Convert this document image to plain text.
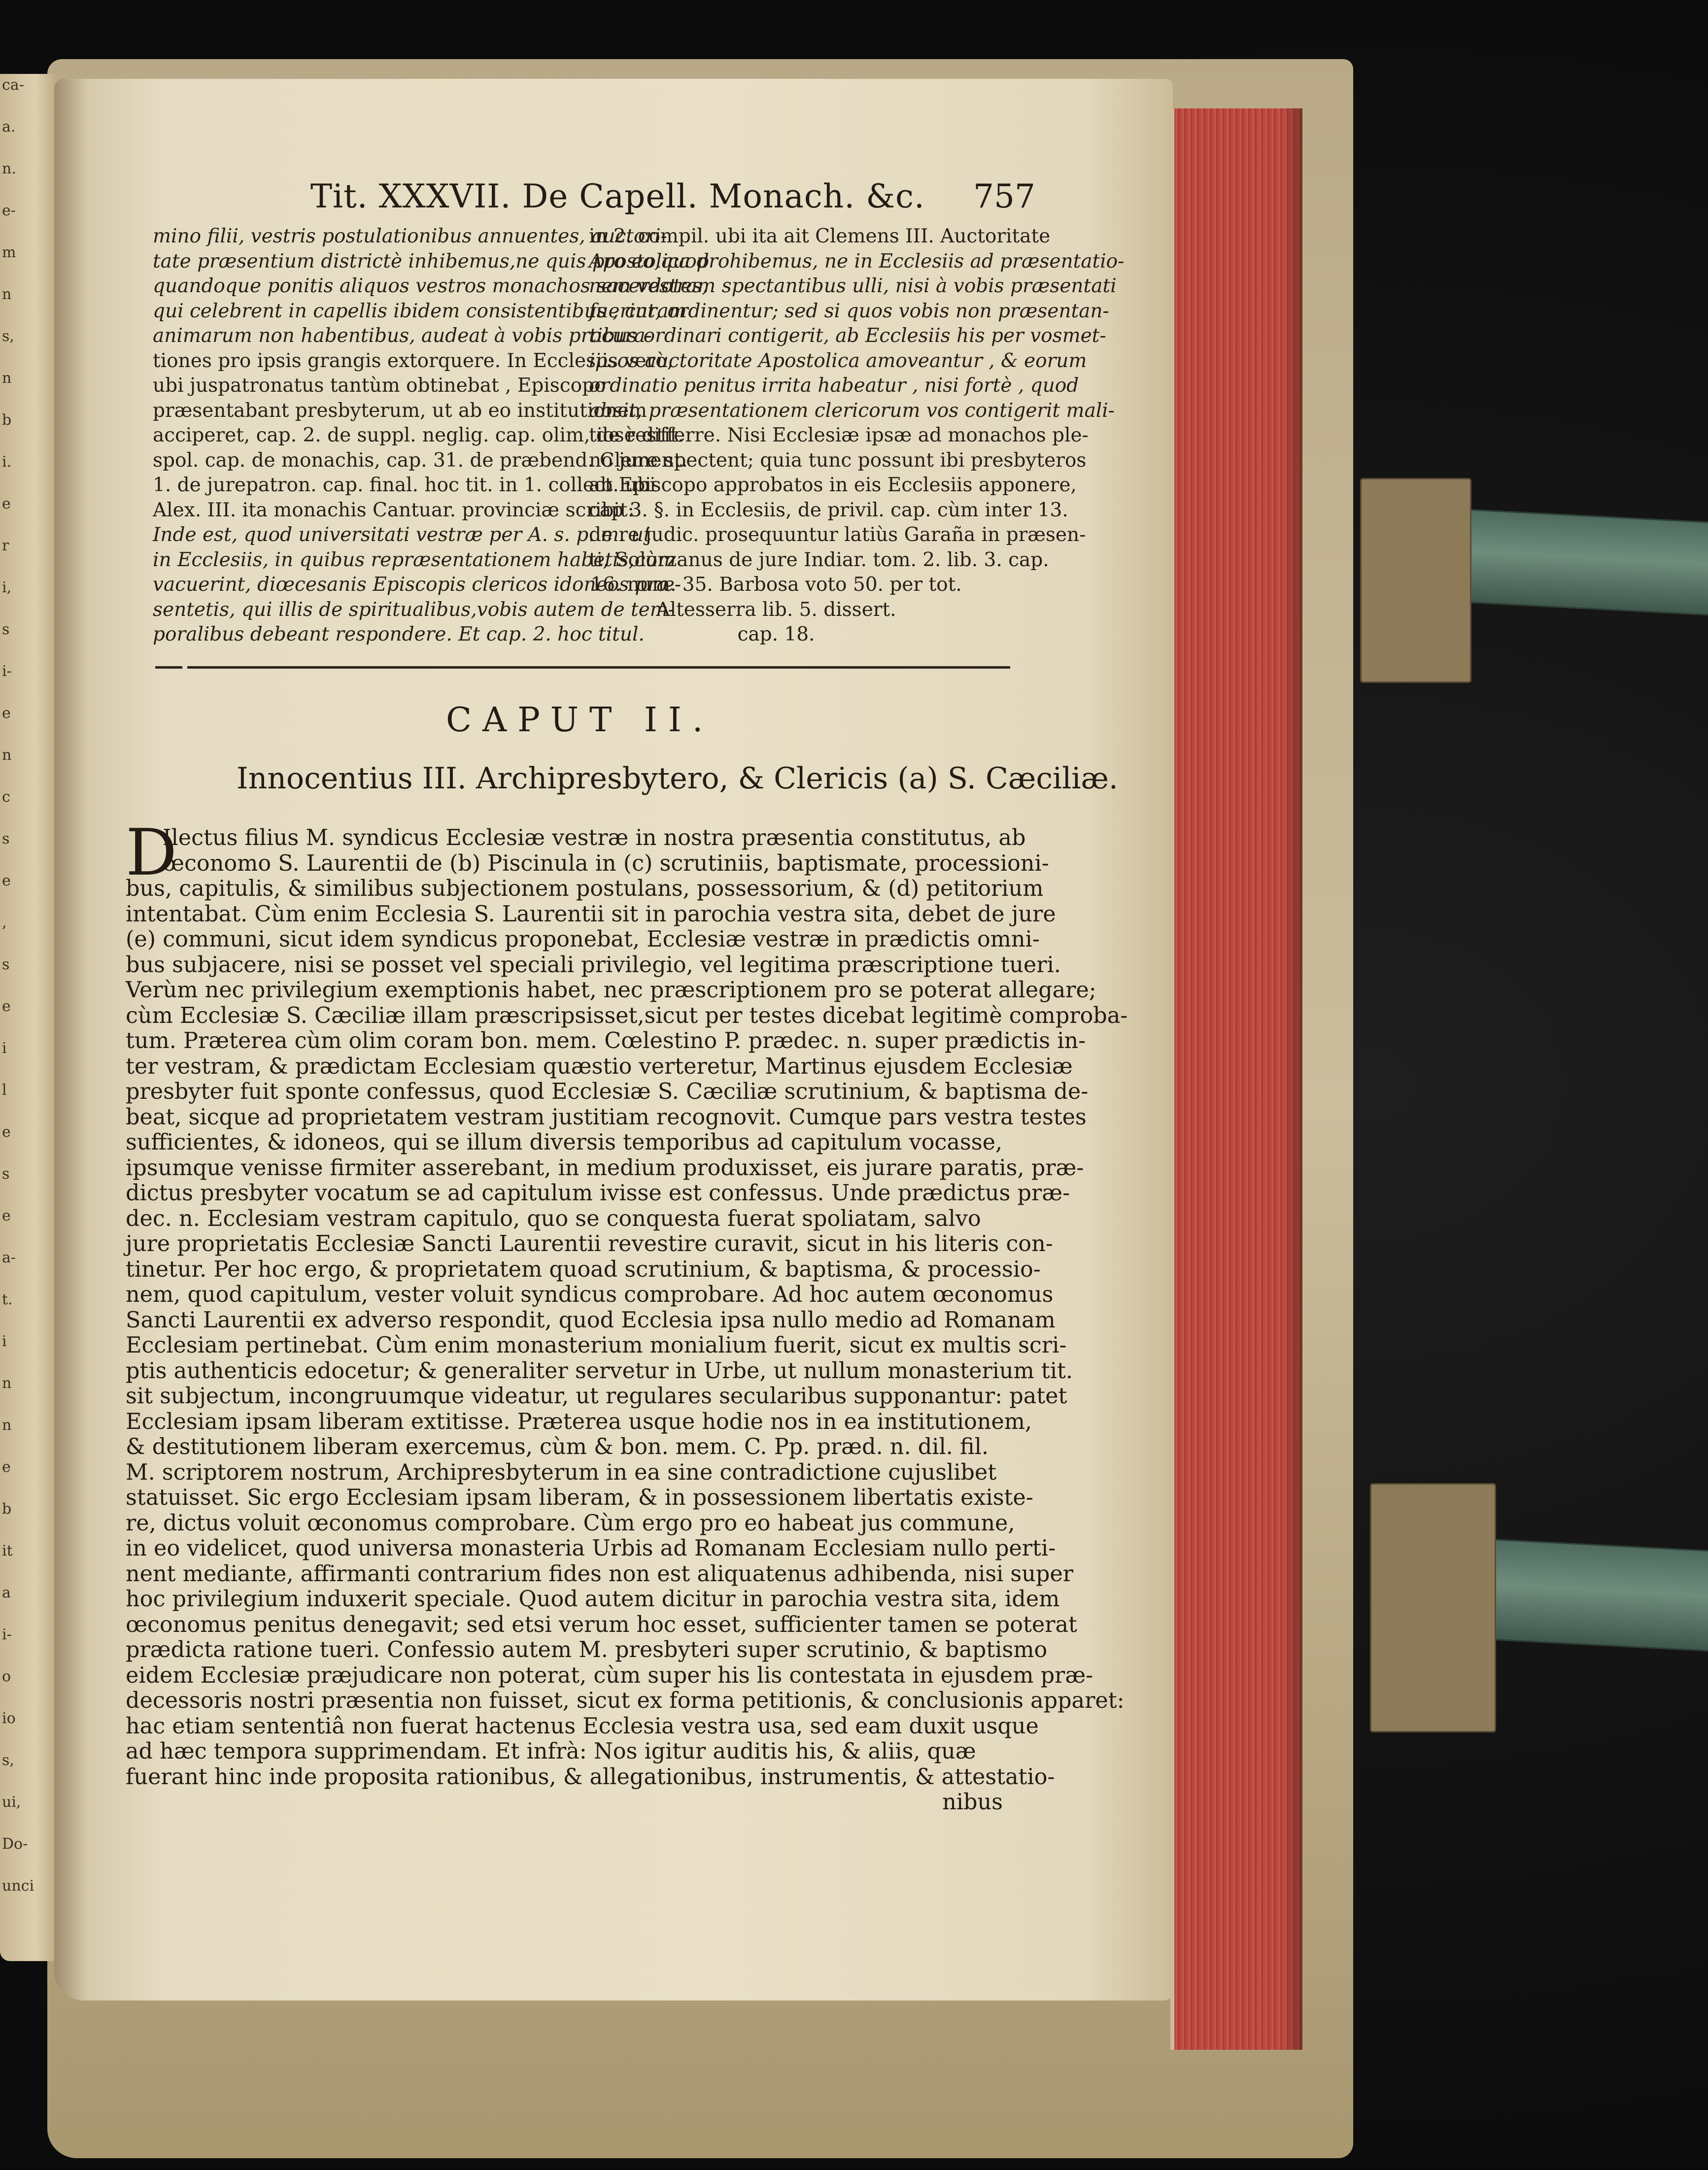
ca-
a.
n.
e-
m
n
s,
n
b
i.
e
r
i,
s
i-
e
n
c
s
e
,
s
e
i
l
e
s
e
a-
t.
i
n
n
e
b
it
a
i-
o
io
s,
ui,
Do-
unci
Tit. XXXVII. De Capell. Monach. &c. 757
mino filii, vestris postulationibus annuentes, auctori-
tate præsentium districtè inhibemus,ne quis pro eo,quod
quandoque ponitis aliquos vestros monachos sacerdotes,
qui celebrent in capellis ibidem consistentibus , curam
animarum non habentibus, audeat à vobis procura-
tiones pro ipsis grangis extorquere. In Ecclesiis verò,
ubi juspatronatus tantùm obtinebat , Episcopo
præsentabant presbyterum, ut ab eo institutionem
acciperet, cap. 2. de suppl. neglig. cap. olim, de restit.
spol. cap. de monachis, cap. 31. de præbend. Clement.
1. de jurepatron. cap. final. hoc tit. in 1. collect. ubi
Alex. III. ita monachis Cantuar. provinciæ scribit:
Inde est, quod universitati vestræ per A. s. p. m. ut
in Ecclesiis, in quibus repræsentationem habetis,cùm
vacuerint, diœcesanis Episcopis clericos idoneos præ-
sentetis, qui illis de spiritualibus,vobis autem de tem-
poralibus debeant respondere. Et cap. 2. hoc titul.
in 2. compil. ubi ita ait Clemens III. Auctoritate
Apostolica prohibemus, ne in Ecclesiis ad præsentatio-
nem vestram spectantibus ulli, nisi à vobis præsentati
fuerint, ordinentur; sed si quos vobis non præsentan-
tibus ordinari contigerit, ab Ecclesiis his per vosmet-
ipsos auctoritate Apostolica amoveantur , & eorum
ordinatio penitus irrita habeatur , nisi fortè , quod
absit, præsentationem clericorum vos contigerit mali-
tiosè differre. Nisi Ecclesiæ ipsæ ad monachos ple-
no jure spectent; quia tunc possunt ibi presbyteros
ab Episcopo approbatos in eis Ecclesiis apponere,
cap 3. §. in Ecclesiis, de privil. cap. cùm inter 13.
de re judic. prosequuntur latiùs Garaña in præsen-
ti, Solorzanus de jure Indiar. tom. 2. lib. 3. cap.
16. num. 35. Barbosa voto 50. per tot.
Altesserra lib. 5. dissert.
cap. 18.
CAPUT II.
Innocentius III. Archipresbytero, & Clericis (a) S. Cæciliæ.
D
Ilectus filius M. syndicus Ecclesiæ vestræ in nostra præsentia constitutus, ab
œconomo S. Laurentii de (b) Piscinula in (c) scrutiniis, baptismate, processioni-
bus, capitulis, & similibus subjectionem postulans, possessorium, & (d) petitorium
intentabat. Cùm enim Ecclesia S. Laurentii sit in parochia vestra sita, debet de jure
(e) communi, sicut idem syndicus proponebat, Ecclesiæ vestræ in prædictis omni-
bus subjacere, nisi se posset vel speciali privilegio, vel legitima præscriptione tueri.
Verùm nec privilegium exemptionis habet, nec præscriptionem pro se poterat allegare;
cùm Ecclesiæ S. Cæciliæ illam præscripsisset,sicut per testes dicebat legitimè comproba-
tum. Præterea cùm olim coram bon. mem. Cœlestino P. prædec. n. super prædictis in-
ter vestram, & prædictam Ecclesiam quæstio verteretur, Martinus ejusdem Ecclesiæ
presbyter fuit sponte confessus, quod Ecclesiæ S. Cæciliæ scrutinium, & baptisma de-
beat, sicque ad proprietatem vestram justitiam recognovit. Cumque pars vestra testes
sufficientes, & idoneos, qui se illum diversis temporibus ad capitulum vocasse,
ipsumque venisse firmiter asserebant, in medium produxisset, eis jurare paratis, præ-
dictus presbyter vocatum se ad capitulum ivisse est confessus. Unde prædictus præ-
dec. n. Ecclesiam vestram capitulo, quo se conquesta fuerat spoliatam, salvo
jure proprietatis Ecclesiæ Sancti Laurentii revestire curavit, sicut in his literis con-
tinetur. Per hoc ergo, & proprietatem quoad scrutinium, & baptisma, & processio-
nem, quod capitulum, vester voluit syndicus comprobare. Ad hoc autem œconomus
Sancti Laurentii ex adverso respondit, quod Ecclesia ipsa nullo medio ad Romanam
Ecclesiam pertinebat. Cùm enim monasterium monialium fuerit, sicut ex multis scri-
ptis authenticis edocetur; & generaliter servetur in Urbe, ut nullum monasterium tit.
sit subjectum, incongruumque videatur, ut regulares secularibus supponantur: patet
Ecclesiam ipsam liberam extitisse. Præterea usque hodie nos in ea institutionem,
& destitutionem liberam exercemus, cùm & bon. mem. C. Pp. præd. n. dil. fil.
M. scriptorem nostrum, Archipresbyterum in ea sine contradictione cujuslibet
statuisset. Sic ergo Ecclesiam ipsam liberam, & in possessionem libertatis existe-
re, dictus voluit œconomus comprobare. Cùm ergo pro eo habeat jus commune,
in eo videlicet, quod universa monasteria Urbis ad Romanam Ecclesiam nullo perti-
nent mediante, affirmanti contrarium fides non est aliquatenus adhibenda, nisi super
hoc privilegium induxerit speciale. Quod autem dicitur in parochia vestra sita, idem
œconomus penitus denegavit; sed etsi verum hoc esset, sufficienter tamen se poterat
prædicta ratione tueri. Confessio autem M. presbyteri super scrutinio, & baptismo
eidem Ecclesiæ præjudicare non poterat, cùm super his lis contestata in ejusdem præ-
decessoris nostri præsentia non fuisset, sicut ex forma petitionis, & conclusionis apparet:
hac etiam sententiâ non fuerat hactenus Ecclesia vestra usa, sed eam duxit usque
ad hæc tempora supprimendam. Et infrà: Nos igitur auditis his, & aliis, quæ
fuerant hinc inde proposita rationibus, & allegationibus, instrumentis, & attestatio-
nibus
